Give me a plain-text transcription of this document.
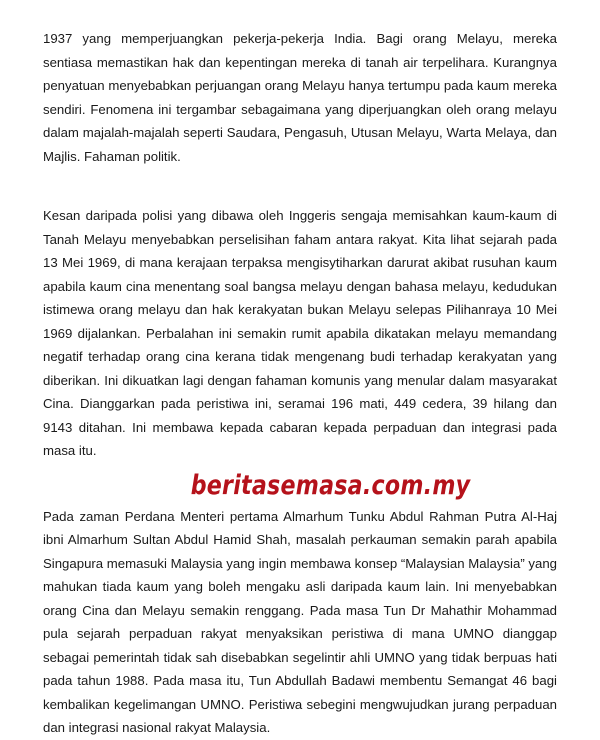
1937 yang memperjuangkan pekerja-pekerja India. Bagi orang Melayu, mereka sentiasa memastikan hak dan kepentingan mereka di tanah air terpelihara. Kurangnya penyatuan menyebabkan perjuangan orang Melayu hanya tertumpu pada kaum mereka sendiri. Fenomena ini tergambar sebagaimana yang diperjuangkan oleh orang melayu dalam majalah-majalah seperti Saudara, Pengasuh, Utusan Melayu, Warta Melaya, dan Majlis. Fahaman politik.

Kesan daripada polisi yang dibawa oleh Inggeris sengaja memisahkan kaum-kaum di Tanah Melayu menyebabkan perselisihan faham antara rakyat. Kita lihat sejarah pada 13 Mei 1969, di mana kerajaan terpaksa mengisytiharkan darurat akibat rusuhan kaum apabila kaum cina menentang soal bangsa melayu dengan bahasa melayu, kedudukan istimewa orang melayu dan hak kerakyatan bukan Melayu selepas Pilihanraya 10 Mei 1969 dijalankan. Perbalahan ini semakin rumit apabila dikatakan melayu memandang negatif terhadap orang cina kerana tidak mengenang budi terhadap kerakyatan yang diberikan. Ini dikuatkan lagi dengan fahaman komunis yang menular dalam masyarakat Cina. Dianggarkan pada peristiwa ini, seramai 196 mati, 449 cedera, 39 hilang dan 9143 ditahan. Ini membawa kepada cabaran kepada perpaduan dan integrasi pada masa itu.

beritasemasa.com.my

Pada zaman Perdana Menteri pertama Almarhum Tunku Abdul Rahman Putra Al-Haj ibni Almarhum Sultan Abdul Hamid Shah, masalah perkauman semakin parah apabila Singapura memasuki Malaysia yang ingin membawa konsep “Malaysian Malaysia” yang mahukan tiada kaum yang boleh mengaku asli daripada kaum lain. Ini menyebabkan orang Cina dan Melayu semakin renggang. Pada masa Tun Dr Mahathir Mohammad pula sejarah perpaduan rakyat menyaksikan peristiwa di mana UMNO dianggap sebagai pemerintah tidak sah disebabkan segelintir ahli UMNO yang tidak berpuas hati pada tahun 1988. Pada masa itu, Tun Abdullah Badawi membentu Semangat 46 bagi kembalikan kegelimangan UMNO. Peristiwa sebegini mengwujudkan jurang perpaduan dan integrasi nasional rakyat Malaysia.
